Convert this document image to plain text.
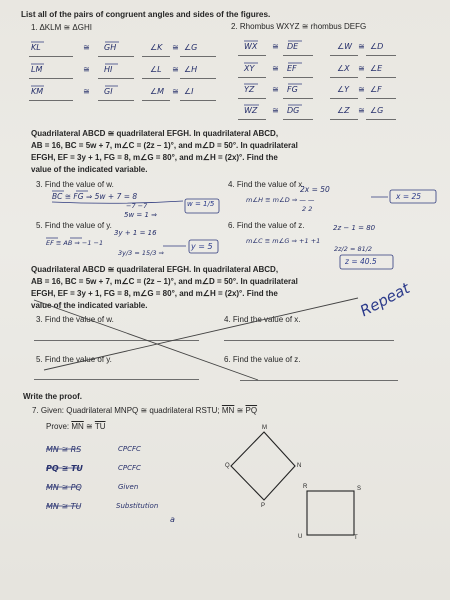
List all of the pairs of congruent angles and sides of the figures.
1. ΔKLM ≅ ΔGHI	2. Rhombus WXYZ ≅ rhombus DEFG
KL	≅ GH	∠K ≅ ∠G
LM	≅ HI	∠L ≅ ∠H
KM	≅ GI	∠M ≅ ∠I
WX ≅ DE	∠W ≅ ∠D
XY ≅ EF	∠X ≅ ∠E
YZ ≅ FG	∠Y ≅ ∠F
WZ ≅ DG	∠Z ≅ ∠G
Quadrilateral ABCD ≅ quadrilateral EFGH. In quadrilateral ABCD,
AB = 16, BC = 5w + 7, m∠C = (2z – 1)°, and m∠D = 50°. In quadrilateral
EFGH, EF = 3y + 1, FG = 8, m∠G = 80°, and m∠H = (2x)°. Find the
value of the indicated variable.
3. Find the value of w.	4. Find the value of x.
5. Find the value of y.	6. Find the value of z.
BC ≅ FG ⇒ 5w + 7 = 8
−7 −7
5w = 1 ⇒
w = 1/5
2x = 50
m∠H ≅ m∠D ⇒ — —
2 2
x = 25
3y + 1 = 16
EF ≅ AB ⇒ −1 −1
3y/3 = 15/3 ⇒
y = 5
2z − 1 = 80
m∠C ≅ m∠G ⇒ +1 +1
2z/2 = 81/2
z = 40.5
Quadrilateral ABCD ≅ quadrilateral EFGH. In quadrilateral ABCD,
AB = 16, BC = 5w + 7, m∠C = (2z – 1)°, and m∠D = 50°. In quadrilateral
EFGH, EF = 3y + 1, FG = 8, m∠G = 80°, and m∠H = (2x)°. Find the
value of the indicated variable.
3. Find the value of w.	4. Find the value of x.
5. Find the value of y.	6. Find the value of z.
Repeat
Write the proof.
7. Given: Quadrilateral MNPQ ≅ quadrilateral RSTU; $\overline{MN}$ ≅ $\overline{PQ}$
Prove: $\overline{MN}$ ≅ $\overline{TU}$
MN ≅ RS	CPCFC
PQ ≅ TU	CPCFC
MN ≅ PQ	Given
MN ≅ TU	Substitution
a
M
Q	N
P
R	S
U	T
